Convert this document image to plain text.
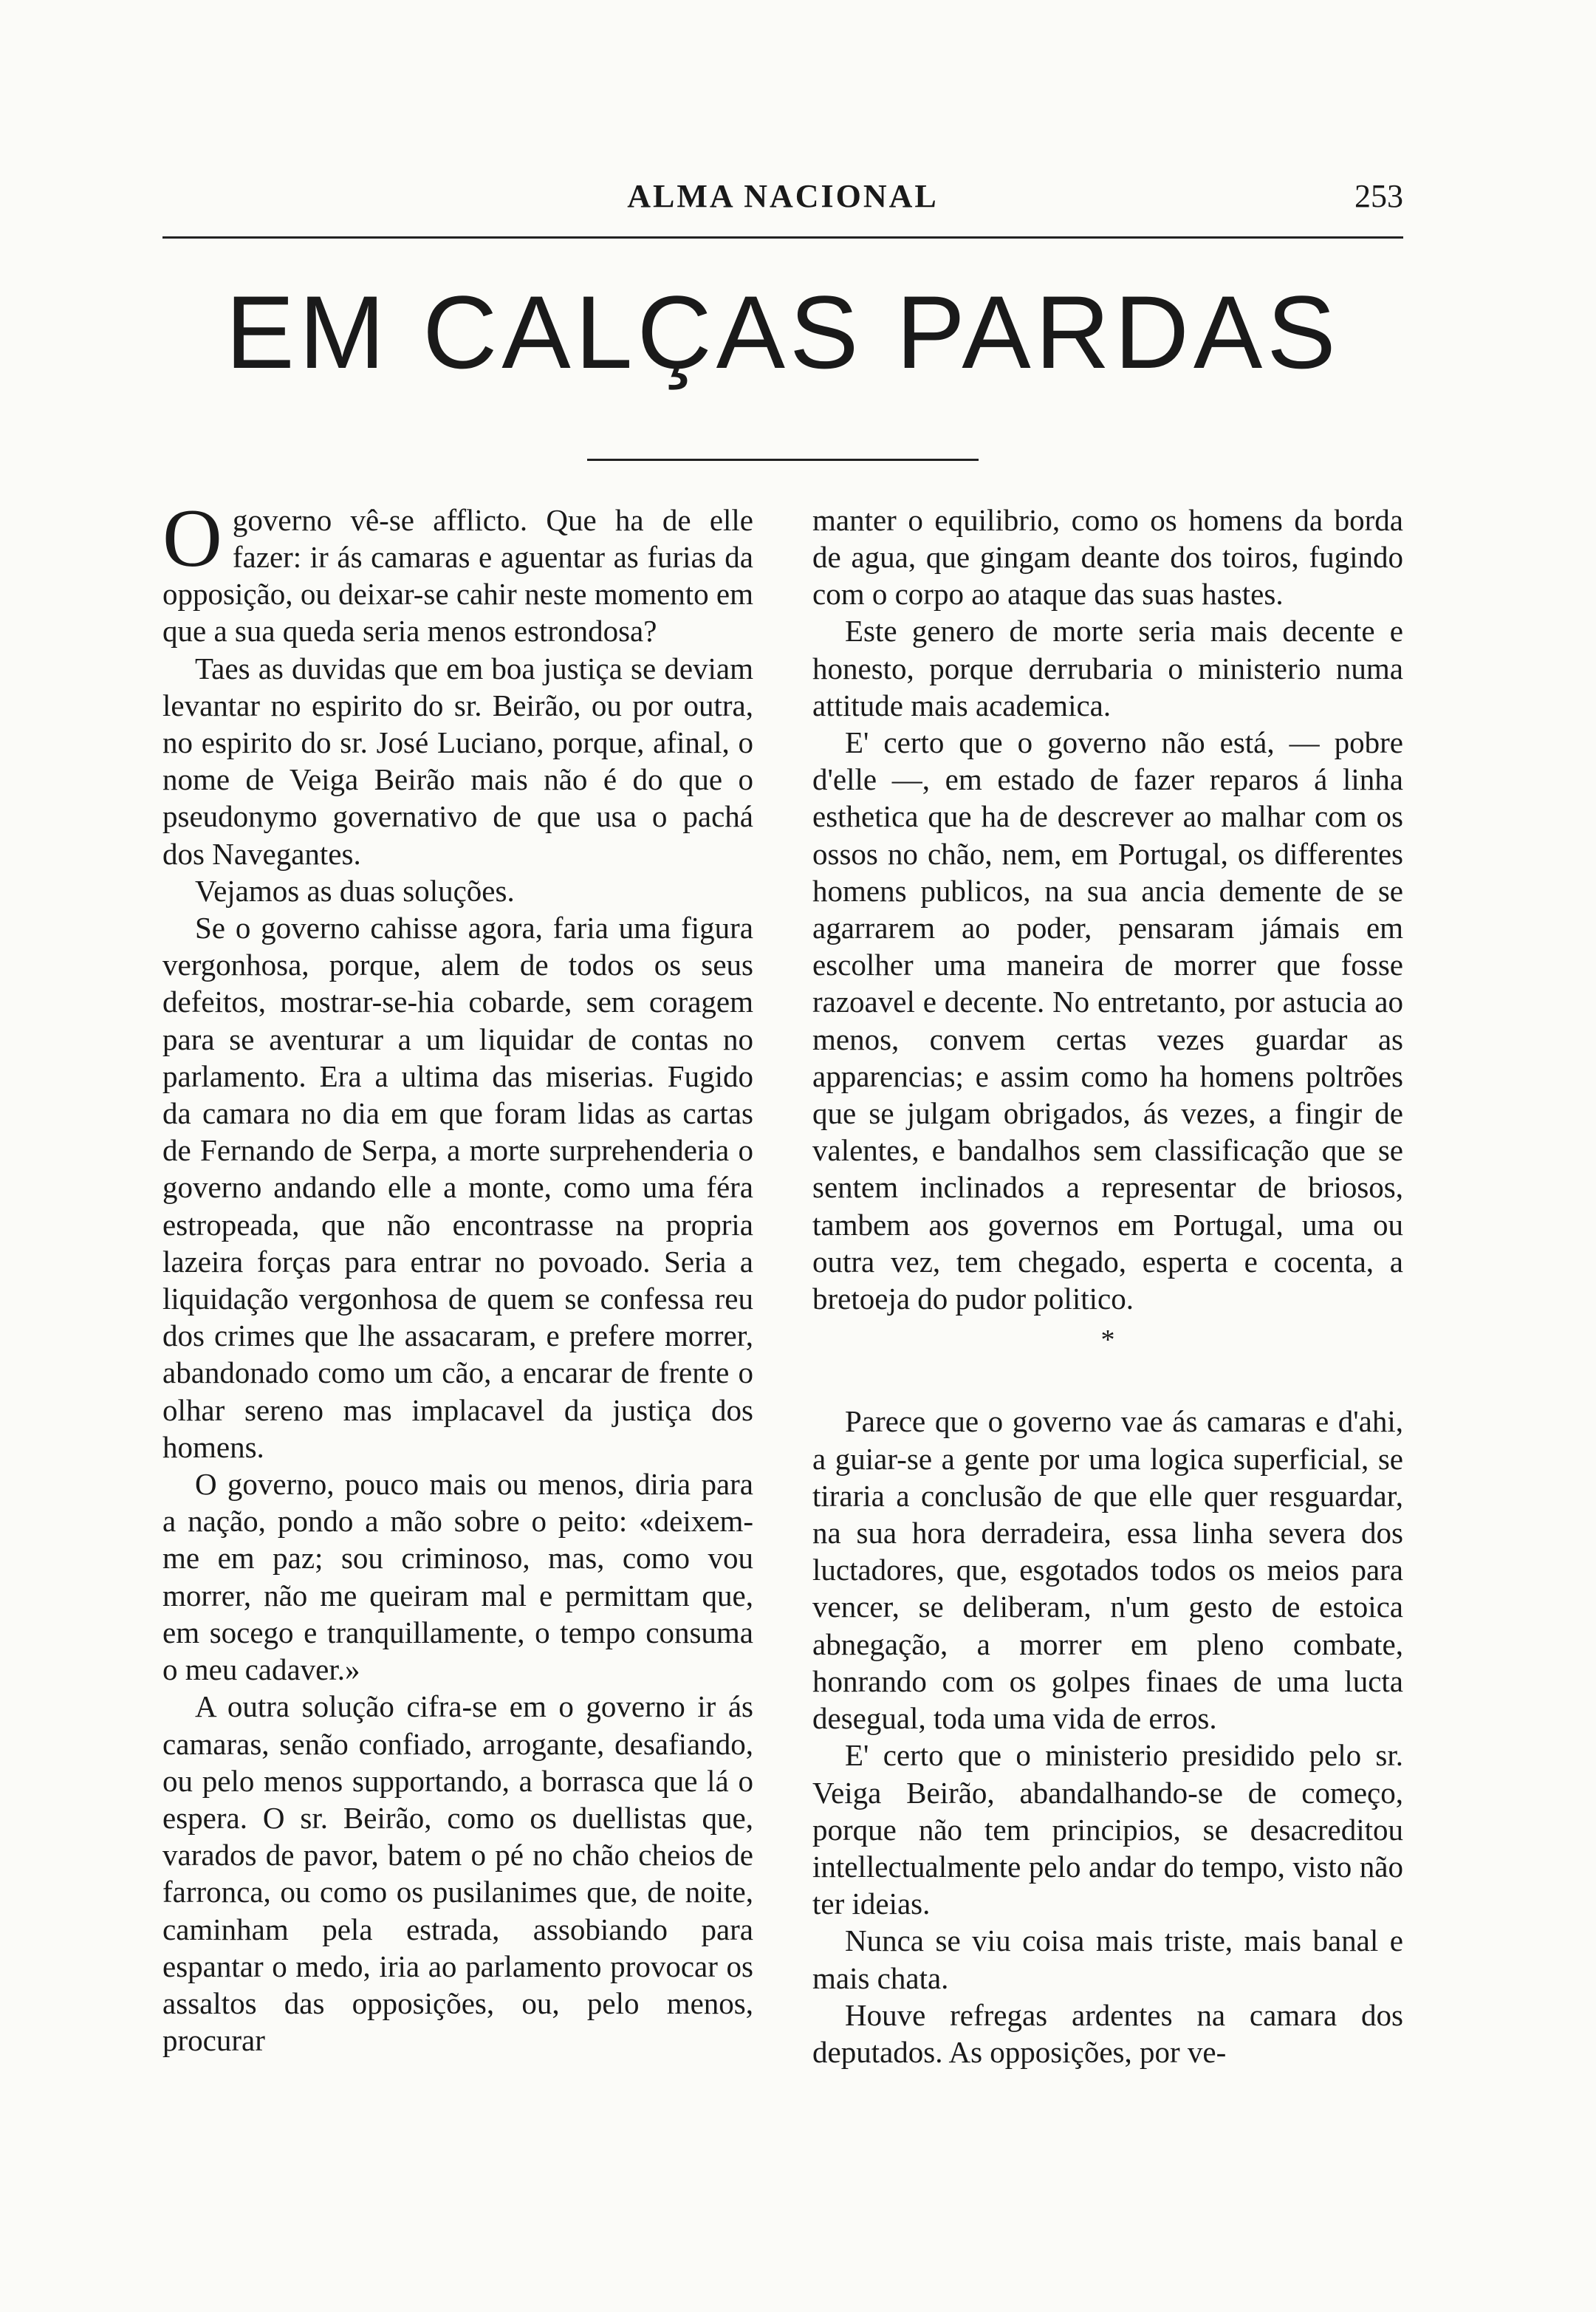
ALMA NACIONAL	253
EM CALÇAS PARDAS

O governo vê-se afflicto. Que ha de elle fazer: ir ás camaras e aguentar as furias da opposição, ou deixar-se cahir neste momento em que a sua queda seria menos estrondosa?

Taes as duvidas que em boa justiça se deviam levantar no espirito do sr. Beirão, ou por outra, no espirito do sr. José Luciano, porque, afinal, o nome de Veiga Beirão mais não é do que o pseudonymo governativo de que usa o pachá dos Navegantes.

Vejamos as duas soluções.

Se o governo cahisse agora, faria uma figura vergonhosa, porque, alem de todos os seus defeitos, mostrar-se-hia cobarde, sem coragem para se aventurar a um liquidar de contas no parlamento. Era a ultima das miserias. Fugido da camara no dia em que foram lidas as cartas de Fernando de Serpa, a morte surprehenderia o governo andando elle a monte, como uma féra estropeada, que não encontrasse na propria lazeira forças para entrar no povoado. Seria a liquidação vergonhosa de quem se confessa reu dos crimes que lhe assacaram, e prefere morrer, abandonado como um cão, a encarar de frente o olhar sereno mas implacavel da justiça dos homens.

O governo, pouco mais ou menos, diria para a nação, pondo a mão sobre o peito: «deixem-me em paz; sou criminoso, mas, como vou morrer, não me queiram mal e permittam que, em socego e tranquillamente, o tempo consuma o meu cadaver.»

A outra solução cifra-se em o governo ir ás camaras, senão confiado, arrogante, desafiando, ou pelo menos supportando, a borrasca que lá o espera. O sr. Beirão, como os duellistas que, varados de pavor, batem o pé no chão cheios de farronca, ou como os pusilanimes que, de noite, caminham pela estrada, assobiando para espantar o medo, iria ao parlamento provocar os assaltos das opposições, ou, pelo menos, procurar

manter o equilibrio, como os homens da borda de agua, que gingam deante dos toiros, fugindo com o corpo ao ataque das suas hastes.

Este genero de morte seria mais decente e honesto, porque derrubaria o ministerio numa attitude mais academica.

E' certo que o governo não está, — pobre d'elle —, em estado de fazer reparos á linha esthetica que ha de descrever ao malhar com os ossos no chão, nem, em Portugal, os differentes homens publicos, na sua ancia demente de se agarrarem ao poder, pensaram jámais em escolher uma maneira de morrer que fosse razoavel e decente. No entretanto, por astucia ao menos, convem certas vezes guardar as apparencias; e assim como ha homens poltrões que se julgam obrigados, ás vezes, a fingir de valentes, e bandalhos sem classificação que se sentem inclinados a representar de briosos, tambem aos governos em Portugal, uma ou outra vez, tem chegado, esperta e cocenta, a bretoeja do pudor politico.

*

Parece que o governo vae ás camaras e d'ahi, a guiar-se a gente por uma logica superficial, se tiraria a conclusão de que elle quer resguardar, na sua hora derradeira, essa linha severa dos luctadores, que, esgotados todos os meios para vencer, se deliberam, n'um gesto de estoica abnegação, a morrer em pleno combate, honrando com os golpes finaes de uma lucta desegual, toda uma vida de erros.

E' certo que o ministerio presidido pelo sr. Veiga Beirão, abandalhando-se de começo, porque não tem principios, se desacreditou intellectualmente pelo andar do tempo, visto não ter ideias.

Nunca se viu coisa mais triste, mais banal e mais chata.

Houve refregas ardentes na camara dos deputados. As opposições, por ve-
